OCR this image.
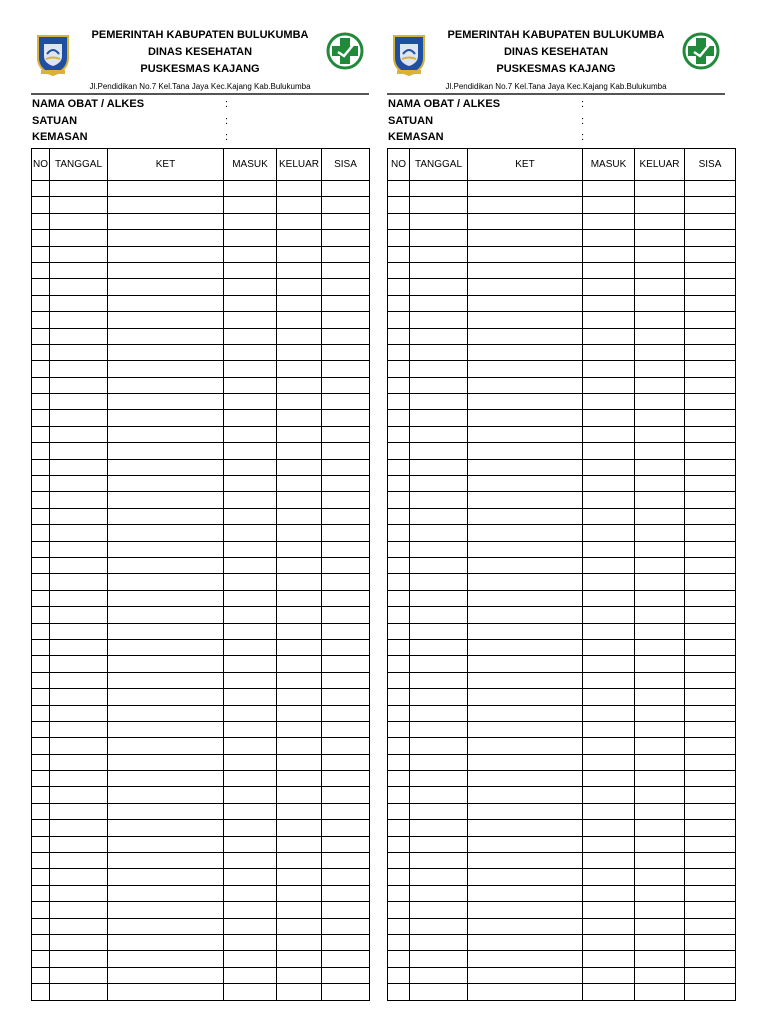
PEMERINTAH KABUPATEN BULUKUMBA
DINAS KESEHATAN
PUSKESMAS KAJANG
Jl.Pendidikan No.7 Kel.Tana Jaya Kec.Kajang Kab.Bulukumba
NAMA OBAT / ALKES	:
SATUAN	:
KEMASAN	:
NO	TANGGAL	KET	MASUK	KELUAR	SISA

PEMERINTAH KABUPATEN BULUKUMBA
DINAS KESEHATAN
PUSKESMAS KAJANG
Jl.Pendidikan No.7 Kel.Tana Jaya Kec.Kajang Kab.Bulukumba
NAMA OBAT / ALKES	:
SATUAN	:
KEMASAN	:
NO	TANGGAL	KET	MASUK	KELUAR	SISA
